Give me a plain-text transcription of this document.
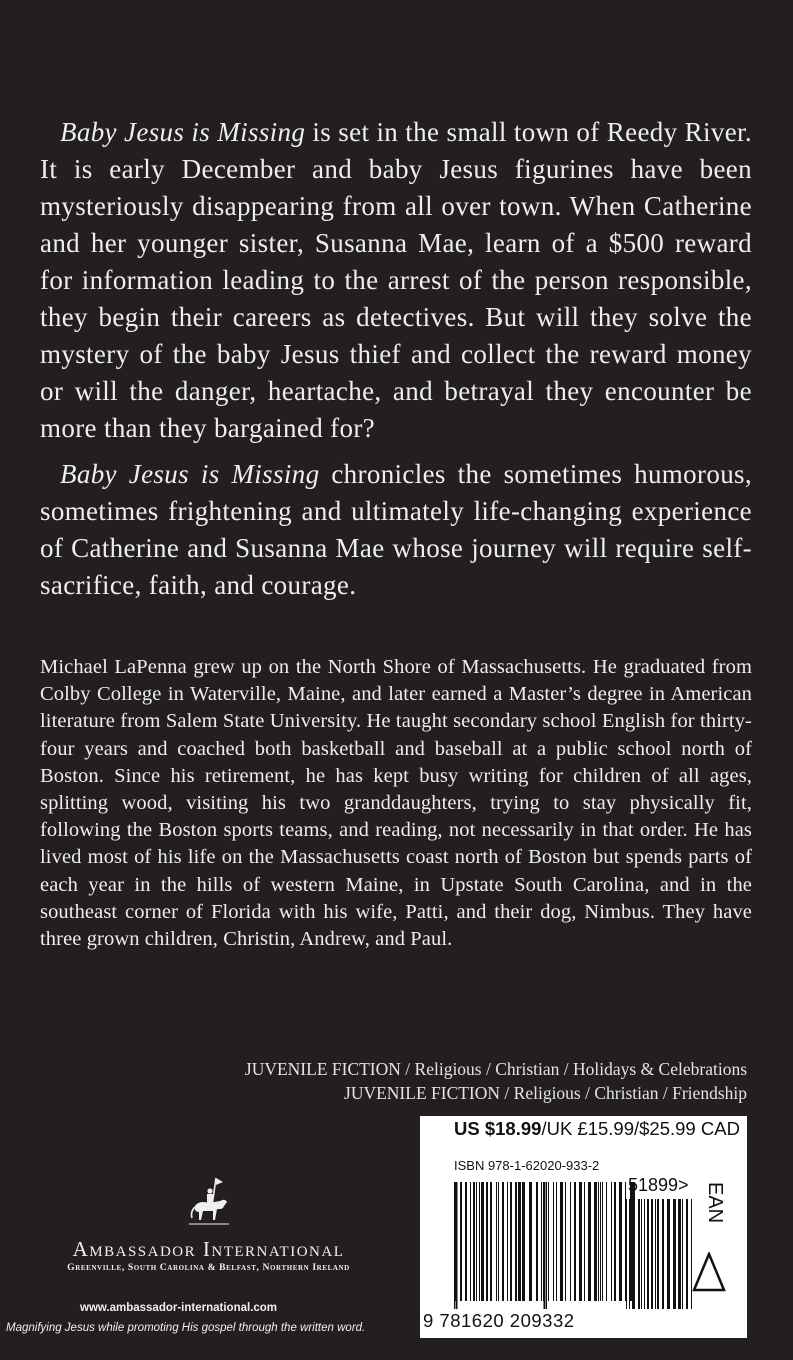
Baby Jesus is Missing is set in the small town of Reedy River. It is early December and baby Jesus figurines have been mysteriously disappearing from all over town. When Catherine and her younger sister, Susanna Mae, learn of a $500 reward for information leading to the arrest of the person responsible, they begin their careers as detectives. But will they solve the mystery of the baby Jesus thief and collect the reward money or will the danger, heartache, and betrayal they encounter be more than they bargained for?

Baby Jesus is Missing chronicles the sometimes humorous, sometimes frightening and ultimately life-changing experience of Catherine and Susanna Mae whose journey will require self-sacrifice, faith, and courage.

Michael LaPenna grew up on the North Shore of Massachusetts. He graduated from Colby College in Waterville, Maine, and later earned a Master’s degree in American literature from Salem State University. He taught secondary school English for thirty-four years and coached both basketball and baseball at a public school north of Boston. Since his retirement, he has kept busy writing for children of all ages, splitting wood, visiting his two granddaughters, trying to stay physically fit, following the Boston sports teams, and reading, not necessarily in that order. He has lived most of his life on the Massachusetts coast north of Boston but spends parts of each year in the hills of western Maine, in Upstate South Carolina, and in the southeast corner of Florida with his wife, Patti, and their dog, Nimbus. They have three grown children, Christin, Andrew, and Paul.
JUVENILE FICTION / Religious / Christian / Holidays & Celebrations
JUVENILE FICTION / Religious / Christian / Friendship
US $18.99/UK £15.99/$25.99 CAD
ISBN 978-1-62020-933-2
51899> EAN
9 781620 209332
Ambassador International
Greenville, South Carolina & Belfast, Northern Ireland
www.ambassador-international.com
Magnifying Jesus while promoting His gospel through the written word.
